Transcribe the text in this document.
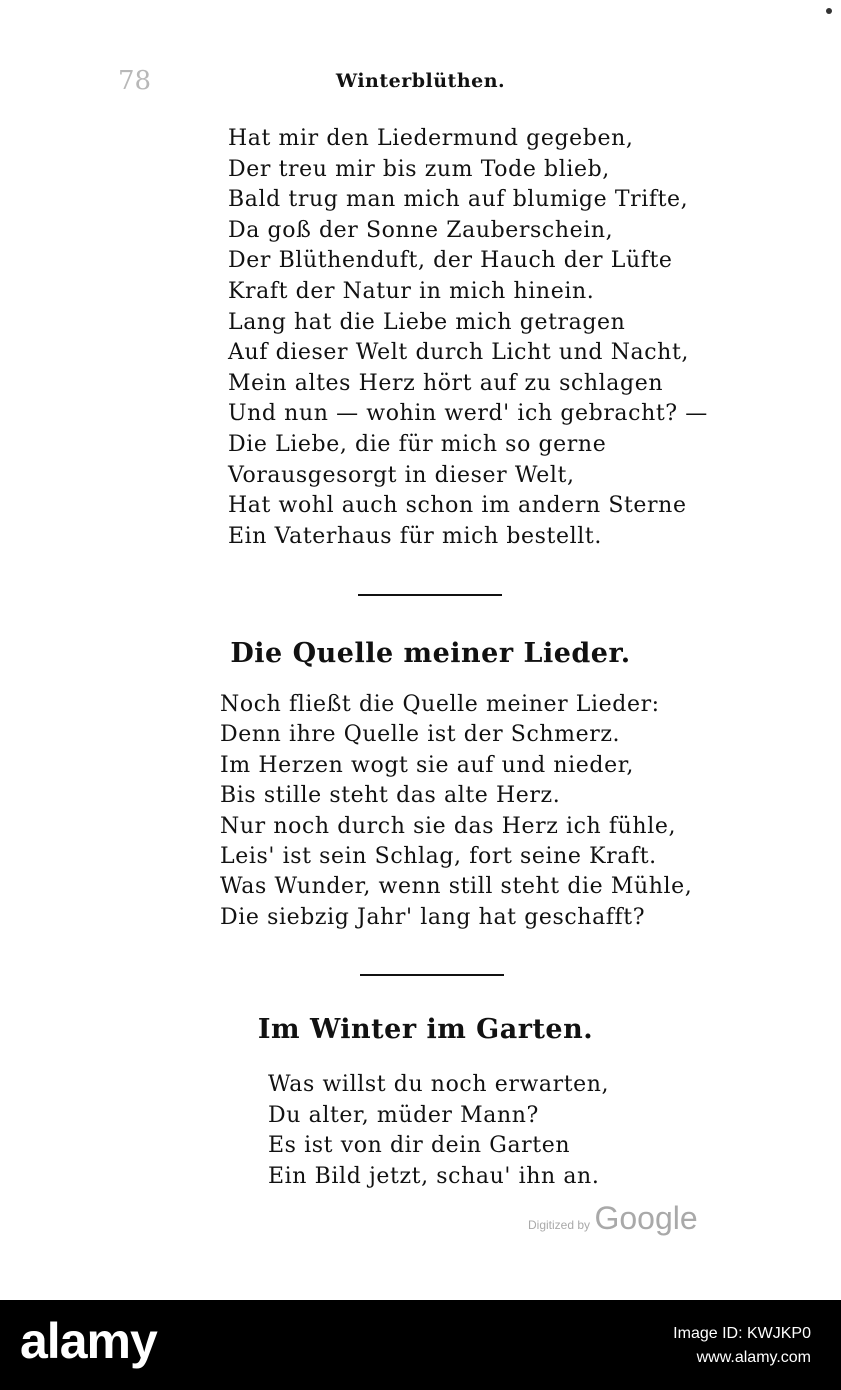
78	Winterblüthen.
Hat mir den Liedermund gegeben,
Der treu mir bis zum Tode blieb,
Bald trug man mich auf blumige Trifte,
Da goß der Sonne Zauberschein,
Der Blüthenduft, der Hauch der Lüfte
Kraft der Natur in mich hinein.
Lang hat die Liebe mich getragen
Auf dieser Welt durch Licht und Nacht,
Mein altes Herz hört auf zu schlagen
Und nun — wohin werd' ich gebracht? —
Die Liebe, die für mich so gerne
Vorausgesorgt in dieser Welt,
Hat wohl auch schon im andern Sterne
Ein Vaterhaus für mich bestellt.
Die Quelle meiner Lieder.
Noch fließt die Quelle meiner Lieder:
Denn ihre Quelle ist der Schmerz.
Im Herzen wogt sie auf und nieder,
Bis stille steht das alte Herz.
Nur noch durch sie das Herz ich fühle,
Leis' ist sein Schlag, fort seine Kraft.
Was Wunder, wenn still steht die Mühle,
Die siebzig Jahr' lang hat geschafft?
Im Winter im Garten.
Was willst du noch erwarten,
Du alter, müder Mann?
Es ist von dir dein Garten
Ein Bild jetzt, schau' ihn an.
Digitized by Google
alamy	Image ID: KWJKP0
www.alamy.com
